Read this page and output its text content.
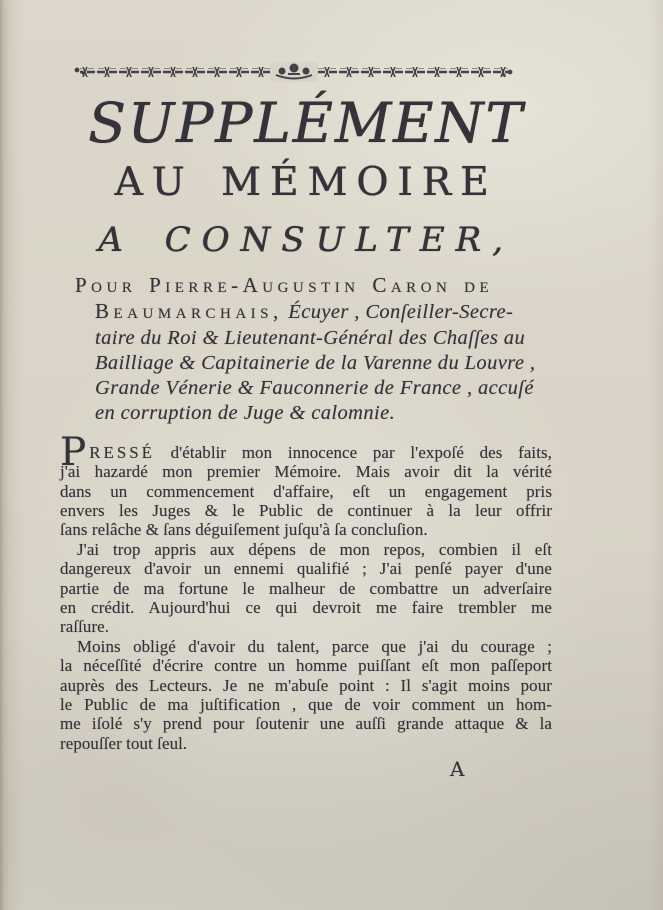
SUPPLÉMENT
AU MÉMOIRE
A CONSULTER,
Pour Pierre-Augustin Caron de
Beaumarchais, Écuyer , Conſeiller-Secre-
taire du Roi & Lieutenant-Général des Chaſſes au
Bailliage & Capitainerie de la Varenne du Louvre ,
Grande Vénerie & Fauconnerie de France , accuſé
en corruption de Juge & calomnie.
PRESSÉ d'établir mon innocence par l'expoſé des faits,
j'ai hazardé mon premier Mémoire. Mais avoir dit la vérité
dans un commencement d'affaire, eſt un engagement pris
envers les Juges & le Public de continuer à la leur offrir
ſans relâche & ſans déguiſement juſqu'à ſa concluſion.
J'ai trop appris aux dépens de mon repos, combien il eſt
dangereux d'avoir un ennemi qualifié ; J'ai penſé payer d'une
partie de ma fortune le malheur de combattre un adverſaire
en crédit. Aujourd'hui ce qui devroit me faire trembler me
raſſure.
Moins obligé d'avoir du talent, parce que j'ai du courage ;
la néceſſité d'écrire contre un homme puiſſant eſt mon paſſeport
auprès des Lecteurs. Je ne m'abuſe point : Il s'agit moins pour
le Public de ma juſtification , que de voir comment un hom-
me iſolé s'y prend pour ſoutenir une auſſi grande attaque & la
repouſſer tout ſeul.
A
